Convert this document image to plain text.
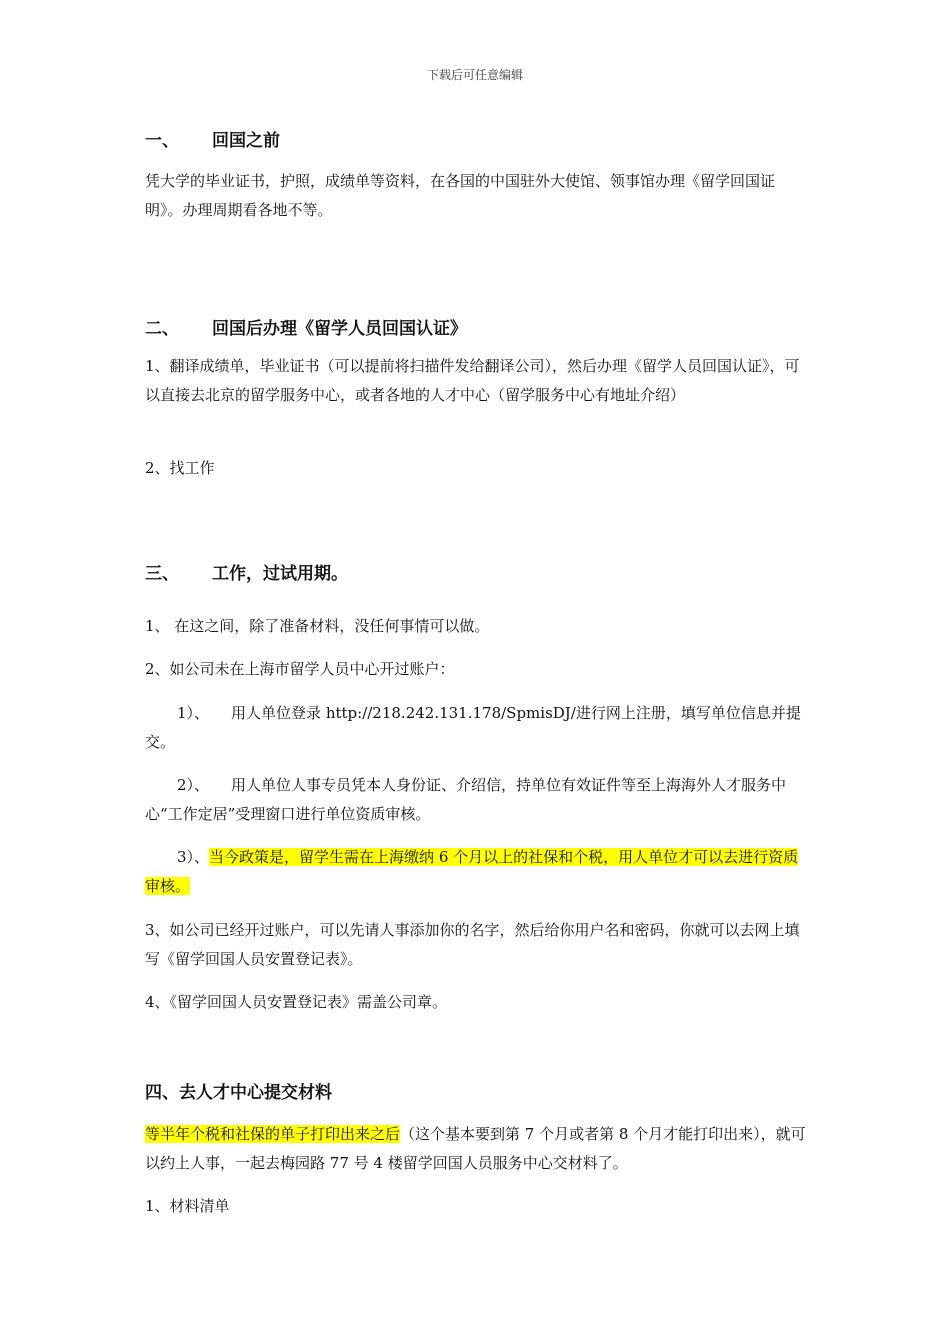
下载后可任意编辑
一、 回国之前
凭大学的毕业证书，护照，成绩单等资料，在各国的中国驻外大使馆、领事馆办理《留学回国证明》。办理周期看各地不等。
二、 回国后办理《留学人员回国认证》
1、翻译成绩单，毕业证书（可以提前将扫描件发给翻译公司），然后办理《留学人员回国认证》，可以直接去北京的留学服务中心，或者各地的人才中心（留学服务中心有地址介绍）
2、找工作
三、 工作，过试用期。
1、 在这之间，除了准备材料，没任何事情可以做。
2、如公司未在上海市留学人员中心开过账户：
1）、 用人单位登录 http://218.242.131.178/SpmisDJ/进行网上注册，填写单位信息并提交。
2）、 用人单位人事专员凭本人身份证、介绍信，持单位有效证件等至上海海外人才服务中心“工作定居”受理窗口进行单位资质审核。
3）、当今政策是，留学生需在上海缴纳 6 个月以上的社保和个税，用人单位才可以去进行资质审核。
3、如公司已经开过账户，可以先请人事添加你的名字，然后给你用户名和密码，你就可以去网上填写《留学回国人员安置登记表》。
4、《留学回国人员安置登记表》需盖公司章。
四、去人才中心提交材料
等半年个税和社保的单子打印出来之后（这个基本要到第 7 个月或者第 8 个月才能打印出来），就可以约上人事，一起去梅园路 77 号 4 楼留学回国人员服务中心交材料了。
1、材料清单
